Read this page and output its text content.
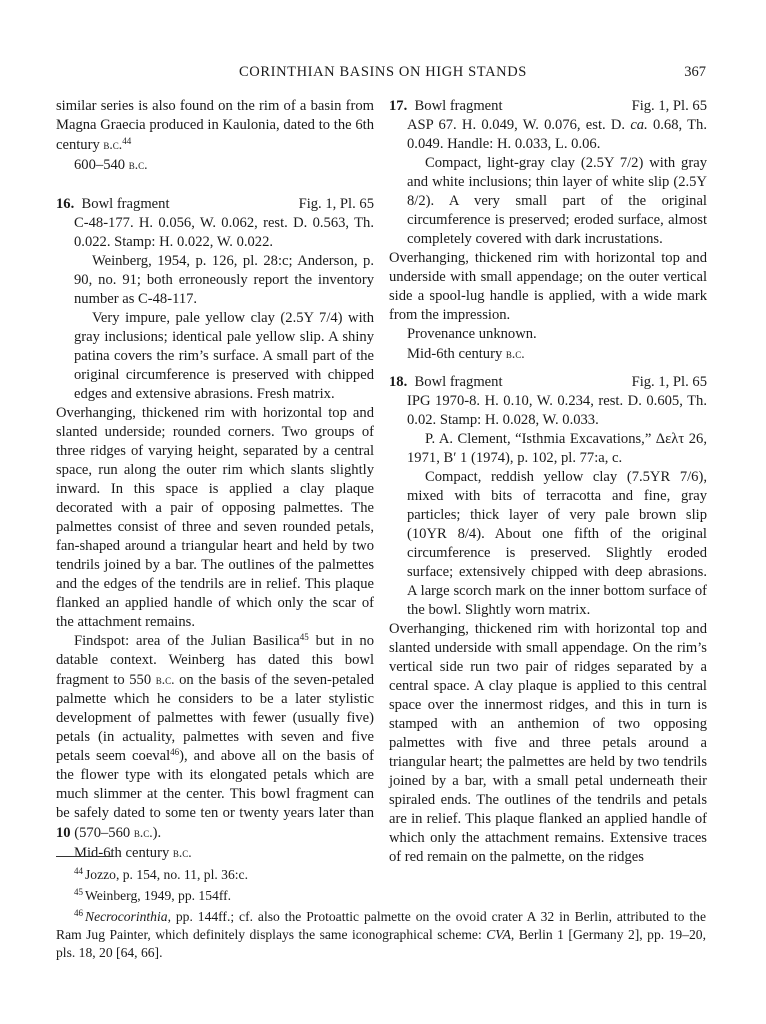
CORINTHIAN BASINS ON HIGH STANDS	367

similar series is also found on the rim of a basin from Magna Graecia produced in Kaulonia, dated to the 6th century b.c.$^{44}$

600–540 b.c.

16. Bowl fragment	Fig. 1, Pl. 65

C-48-177. H. 0.056, W. 0.062, rest. D. 0.563, Th. 0.022. Stamp: H. 0.022, W. 0.022.

Weinberg, 1954, p. 126, pl. 28:c; Anderson, p. 90, no. 91; both erroneously report the inventory number as C-48-117.

Very impure, pale yellow clay (2.5Y 7/4) with gray inclusions; identical pale yellow slip. A shiny patina covers the rim’s surface. A small part of the original circumference is preserved with chipped edges and extensive abrasions. Fresh matrix.

Overhanging, thickened rim with horizontal top and slanted underside; rounded corners. Two groups of three ridges of varying height, separated by a central space, run along the outer rim which slants slightly inward. In this space is applied a clay plaque decorated with a pair of opposing palmettes. The palmettes consist of three and seven rounded petals, fan-shaped around a triangular heart and held by two tendrils joined by a bar. The outlines of the palmettes and the edges of the tendrils are in relief. This plaque flanked an applied handle of which only the scar of the attachment remains.

Findspot: area of the Julian Basilica$^{45}$ but in no datable context. Weinberg has dated this bowl fragment to 550 b.c. on the basis of the seven-petaled palmette which he considers to be a later stylistic development of palmettes with fewer (usually five) petals (in actuality, palmettes with seven and five petals seem coeval$^{46}$), and above all on the basis of the flower type with its elongated petals which are much slimmer at the center. This bowl fragment can be safely dated to some ten or twenty years later than 10 (570–560 b.c.).

Mid-6th century b.c.

17. Bowl fragment	Fig. 1, Pl. 65

ASP 67. H. 0.049, W. 0.076, est. D. ca. 0.68, Th. 0.049. Handle: H. 0.033, L. 0.06.

Compact, light-gray clay (2.5Y 7/2) with gray and white inclusions; thin layer of white slip (2.5Y 8/2). A very small part of the original circumference is preserved; eroded surface, almost completely covered with dark incrustations.

Overhanging, thickened rim with horizontal top and underside with small appendage; on the outer vertical side a spool-lug handle is applied, with a wide mark from the impression.

Provenance unknown.

Mid-6th century b.c.

18. Bowl fragment	Fig. 1, Pl. 65

IPG 1970-8. H. 0.10, W. 0.234, rest. D. 0.605, Th. 0.02. Stamp: H. 0.028, W. 0.033.

P. A. Clement, “Isthmia Excavations,” Δελτ 26, 1971, B′ 1 (1974), p. 102, pl. 77:a, c.

Compact, reddish yellow clay (7.5YR 7/6), mixed with bits of terracotta and fine, gray particles; thick layer of very pale brown slip (10YR 8/4). About one fifth of the original circumference is preserved. Slightly eroded surface; extensively chipped with deep abrasions. A large scorch mark on the inner bottom surface of the bowl. Slightly worn matrix.

Overhanging, thickened rim with horizontal top and slanted underside with small appendage. On the rim’s vertical side run two pair of ridges separated by a central space. A clay plaque is applied to this central space over the innermost ridges, and this in turn is stamped with an anthemion of two opposing palmettes with five and three petals around a triangular heart; the palmettes are held by two tendrils joined by a bar, with a small petal underneath their spiraled ends. The outlines of the tendrils and petals are in relief. This plaque flanked an applied handle of which only the attachment remains. Extensive traces of red remain on the palmette, on the ridges

$^{44}$ Jozzo, p. 154, no. 11, pl. 36:c.

$^{45}$ Weinberg, 1949, pp. 154ff.

$^{46}$ Necrocorinthia, pp. 144ff.; cf. also the Protoattic palmette on the ovoid crater A 32 in Berlin, attributed to the Ram Jug Painter, which definitely displays the same iconographical scheme: CVA, Berlin 1 [Germany 2], pp. 19–20, pls. 18, 20 [64, 66].
